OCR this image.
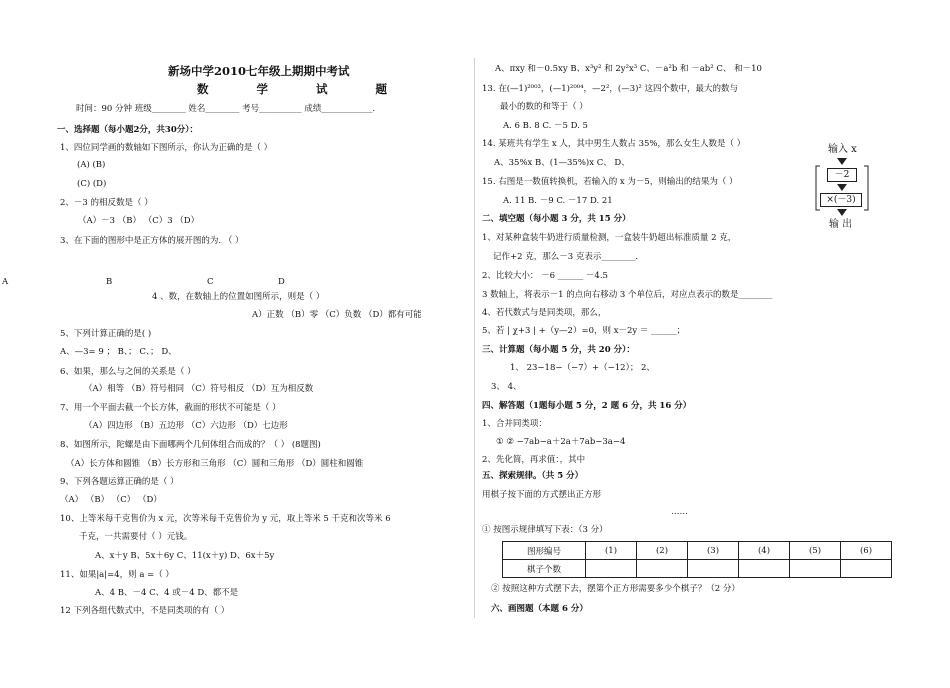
新场中学2010七年级上期期中考试
数 学 试 题
时间：90 分钟 班级________ 姓名________ 考号__________ 成绩____________.
一、选择题（每小题2分，共30分）：
1、四位同学画的数轴如下图所示，你认为正确的是（ ）
(A) (B)
(C) (D)
2、－3 的相反数是（ ）
（A）－3 （B） （C）3 （D）
3、在下面的图形中是正方体的展开图的为. （ ）
A	B	C	D
4 、数，在数轴上的位置如图所示，则是（ ）
A）正数 （B）零 （C）负数 （D）都有可能
5、下列计算正确的是( )
A、—3= 9 ； B、； C、； D、
6、如果，那么与之间的关系是（ ）
（A）相等 （B）符号相同 （C）符号相反 （D）互为相反数
7、用一个平面去截一个长方体，截面的形状不可能是（ ）
（A）四边形 （B）五边形 （C）六边形 （D）七边形
8、如图所示，陀螺是由下面哪两个几何体组合而成的？（ ） (8题图)
（A）长方体和圆锥 （B）长方形和三角形 （C）圆和三角形 （D）圆柱和圆锥
9、下列各题运算正确的是（ ）
（A） （B） （C） （D）
10、上等米每千克售价为 x 元，次等米每千克售价为 y 元，取上等米 5 千克和次等米 6
千克，一共需要付（ ）元钱。
A、x＋y B、5x＋6y C、11(x＋y) D、6x＋5y
11、如果|a|=4，则 a =（ ）
A、4 B、－4 C、4 或－4 D、都不是
12 下列各组代数式中，不是同类项的有（ ）
A、πxy 和－0.5xy B、x³y² 和 2y²x³ C、－a²b 和 －ab² C、 和－10
13. 在(—1)²⁰⁰³，(—1)²⁰⁰⁴，—2²，(—3)² 这四个数中，最大的数与
最小的数的和等于（ ）
A. 6 B. 8 C. －5 D. 5
14. 某班共有学生 x 人，其中男生人数占 35%，那么女生人数是（ ）
A、35%x B、(1—35%)x C、 D、
15. 右图是一数值转换机，若输入的 x 为－5，则输出的结果为（ ）
A. 11 B. －9 C. －17 D. 21
二、填空题（每小题 3 分，共 15 分）
1、对某种盒装牛奶进行质量检测，一盒装牛奶超出标准质量 2 克，
记作+2 克，那么－3 克表示________.
2、比较大小： －6 ______ －4.5
3 数轴上，将表示－1 的点向右移动 3 个单位后，对应点表示的数是________
4、若代数式与是同类项，那么，
5、若 | χ+3 | +（y—2）=0，则 x－2y ＝ ______；
三、计算题（每小题 5 分，共 20 分）：
1、 23−18−（−7）+（−12）； 2、
3、 4、
四、解答题（1题每小题 5 分，2 题 6 分，共 16 分）
1、合并同类项：
① ② −7ab−a＋2a＋7ab−3a−4
2、先化简，再求值：，其中
五、探索规律。（共 5 分）
用棋子按下面的方式摆出正方形
……
① 按图示规律填写下表：（3 分）
图形编号	(1)	(2)	(3)	(4)	(5)	(6)
棋子个数						
② 按照这种方式摆下去，摆第个正方形需要多少个棋子？（2 分）
六、画图题（本题 6 分）
输入 x
－2
×(－3)
输 出
